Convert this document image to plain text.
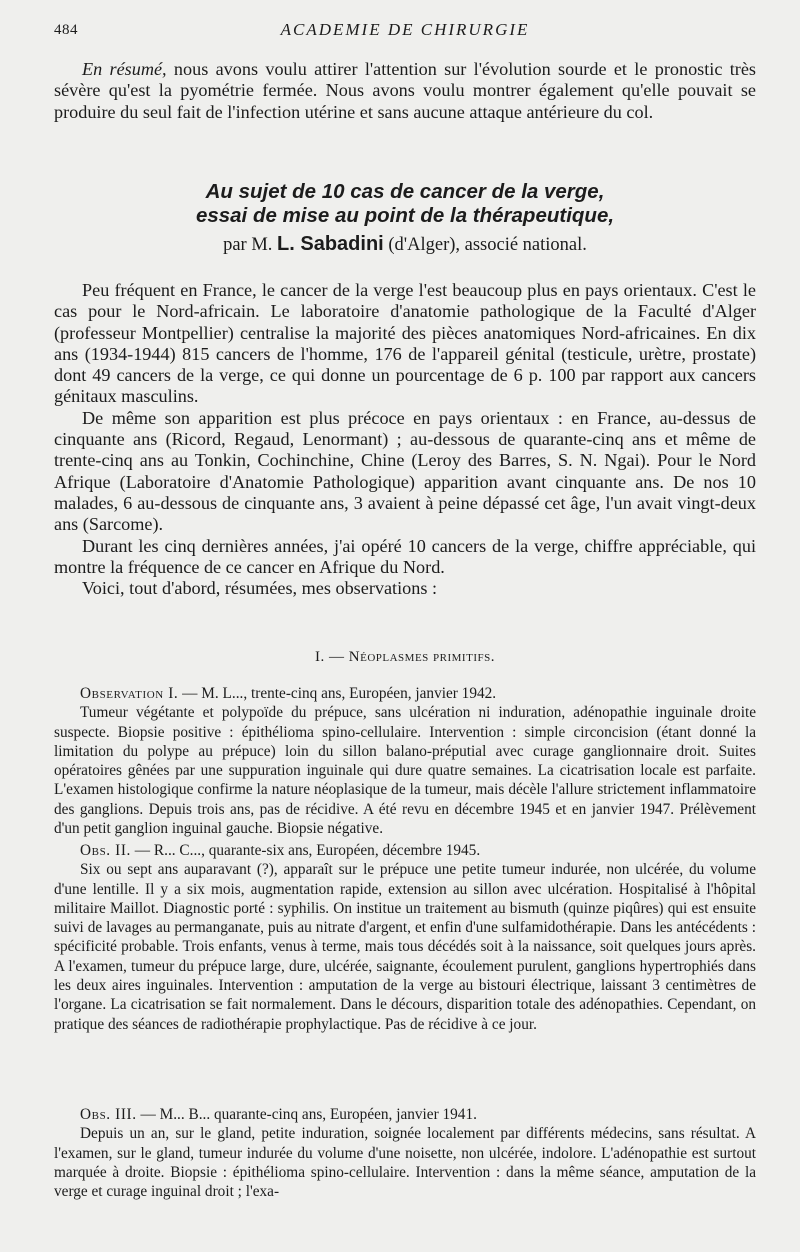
484	ACADEMIE DE CHIRURGIE

En résumé, nous avons voulu attirer l'attention sur l'évolution sourde et le pronostic très sévère qu'est la pyométrie fermée. Nous avons voulu montrer également qu'elle pouvait se produire du seul fait de l'infection utérine et sans aucune attaque antérieure du col.

Au sujet de 10 cas de cancer de la verge,
essai de mise au point de la thérapeutique,
par M. L. Sabadini (d'Alger), associé national.

Peu fréquent en France, le cancer de la verge l'est beaucoup plus en pays orientaux. C'est le cas pour le Nord-africain. Le laboratoire d'anatomie pathologique de la Faculté d'Alger (professeur Montpellier) centralise la majorité des pièces anatomiques Nord-africaines. En dix ans (1934-1944) 815 cancers de l'homme, 176 de l'appareil génital (testicule, urètre, prostate) dont 49 cancers de la verge, ce qui donne un pourcentage de 6 p. 100 par rapport aux cancers génitaux masculins.

De même son apparition est plus précoce en pays orientaux : en France, au-dessus de cinquante ans (Ricord, Regaud, Lenormant) ; au-dessous de quarante-cinq ans et même de trente-cinq ans au Tonkin, Cochinchine, Chine (Leroy des Barres, S. N. Ngai). Pour le Nord Afrique (Laboratoire d'Anatomie Pathologique) apparition avant cinquante ans. De nos 10 malades, 6 au-dessous de cinquante ans, 3 avaient à peine dépassé cet âge, l'un avait vingt-deux ans (Sarcome).

Durant les cinq dernières années, j'ai opéré 10 cancers de la verge, chiffre appréciable, qui montre la fréquence de ce cancer en Afrique du Nord.

Voici, tout d'abord, résumées, mes observations :

I. — Néoplasmes primitifs.

Observation I. — M. L..., trente-cinq ans, Européen, janvier 1942.

Tumeur végétante et polypoïde du prépuce, sans ulcération ni induration, adénopathie inguinale droite suspecte. Biopsie positive : épithélioma spino-cellulaire. Intervention : simple circoncision (étant donné la limitation du polype au prépuce) loin du sillon balano-préputial avec curage ganglionnaire droit. Suites opératoires gênées par une suppuration inguinale qui dure quatre semaines. La cicatrisation locale est parfaite. L'examen histologique confirme la nature néoplasique de la tumeur, mais décèle l'allure strictement inflammatoire des ganglions. Depuis trois ans, pas de récidive. A été revu en décembre 1945 et en janvier 1947. Prélèvement d'un petit ganglion inguinal gauche. Biopsie négative.

Obs. II. — R... C..., quarante-six ans, Européen, décembre 1945.

Six ou sept ans auparavant (?), apparaît sur le prépuce une petite tumeur indurée, non ulcérée, du volume d'une lentille. Il y a six mois, augmentation rapide, extension au sillon avec ulcération. Hospitalisé à l'hôpital militaire Maillot. Diagnostic porté : syphilis. On institue un traitement au bismuth (quinze piqûres) qui est ensuite suivi de lavages au permanganate, puis au nitrate d'argent, et enfin d'une sulfamidothérapie. Dans les antécédents : spécificité probable. Trois enfants, venus à terme, mais tous décédés soit à la naissance, soit quelques jours après. A l'examen, tumeur du prépuce large, dure, ulcérée, saignante, écoulement purulent, ganglions hypertrophiés dans les deux aires inguinales. Intervention : amputation de la verge au bistouri électrique, laissant 3 centimètres de l'organe. La cicatrisation se fait normalement. Dans le décours, disparition totale des adénopathies. Cependant, on pratique des séances de radiothérapie prophylactique. Pas de récidive à ce jour.

Obs. III. — M... B... quarante-cinq ans, Européen, janvier 1941.

Depuis un an, sur le gland, petite induration, soignée localement par différents médecins, sans résultat. A l'examen, sur le gland, tumeur indurée du volume d'une noisette, non ulcérée, indolore. L'adénopathie est surtout marquée à droite. Biopsie : épithélioma spino-cellulaire. Intervention : dans la même séance, amputation de la verge et curage inguinal droit ; l'exa-
